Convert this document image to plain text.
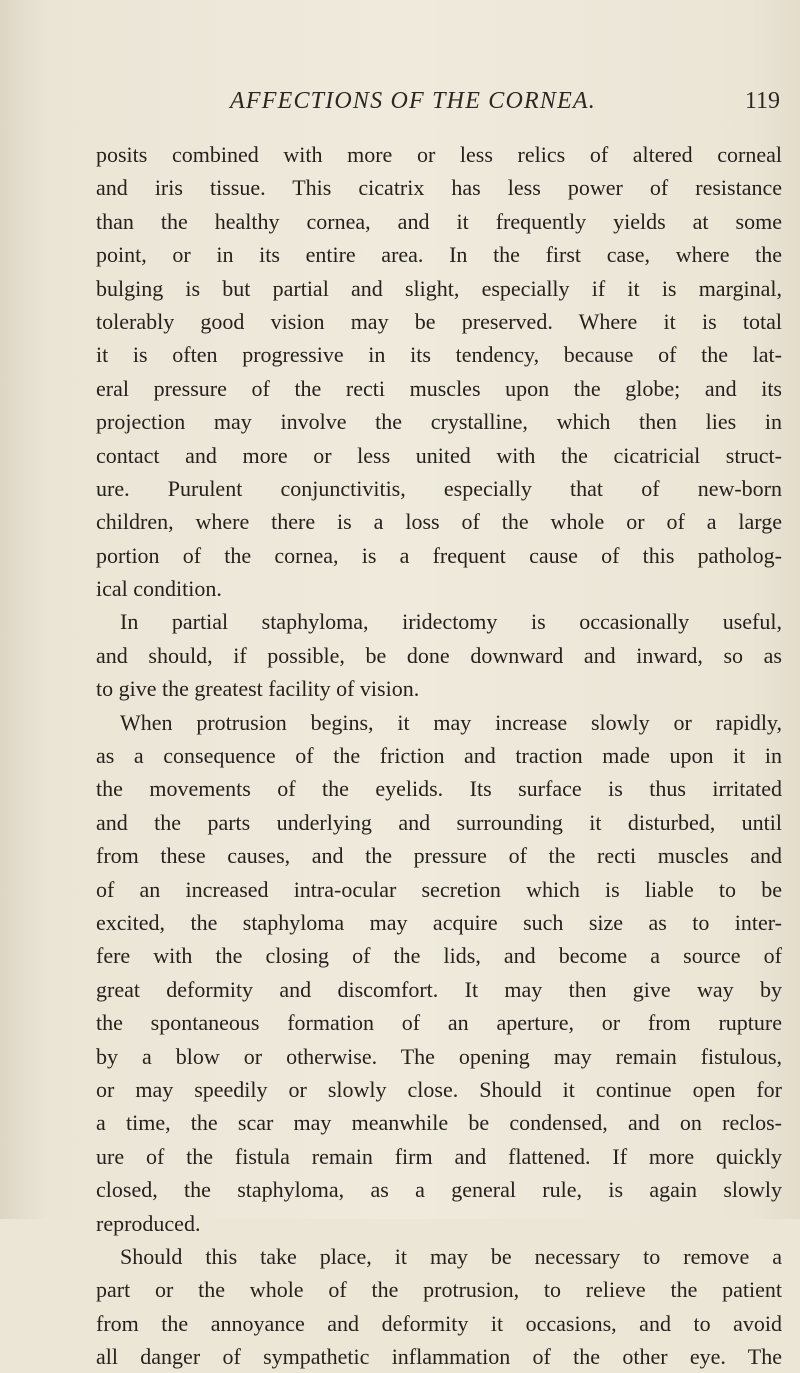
AFFECTIONS OF THE CORNEA.	119
posits combined with more or less relics of altered corneal
and iris tissue. This cicatrix has less power of resistance
than the healthy cornea, and it frequently yields at some
point, or in its entire area. In the first case, where the
bulging is but partial and slight, especially if it is marginal,
tolerably good vision may be preserved. Where it is total
it is often progressive in its tendency, because of the lat-
eral pressure of the recti muscles upon the globe; and its
projection may involve the crystalline, which then lies in
contact and more or less united with the cicatricial struct-
ure. Purulent conjunctivitis, especially that of new-born
children, where there is a loss of the whole or of a large
portion of the cornea, is a frequent cause of this patholog-
ical condition.
In partial staphyloma, iridectomy is occasionally useful,
and should, if possible, be done downward and inward, so as
to give the greatest facility of vision.
When protrusion begins, it may increase slowly or rapidly,
as a consequence of the friction and traction made upon it in
the movements of the eyelids. Its surface is thus irritated
and the parts underlying and surrounding it disturbed, until
from these causes, and the pressure of the recti muscles and
of an increased intra-ocular secretion which is liable to be
excited, the staphyloma may acquire such size as to inter-
fere with the closing of the lids, and become a source of
great deformity and discomfort. It may then give way by
the spontaneous formation of an aperture, or from rupture
by a blow or otherwise. The opening may remain fistulous,
or may speedily or slowly close. Should it continue open for
a time, the scar may meanwhile be condensed, and on reclos-
ure of the fistula remain firm and flattened. If more quickly
closed, the staphyloma, as a general rule, is again slowly
reproduced.
Should this take place, it may be necessary to remove a
part or the whole of the protrusion, to relieve the patient
from the annoyance and deformity it occasions, and to avoid
all danger of sympathetic inflammation of the other eye. The
